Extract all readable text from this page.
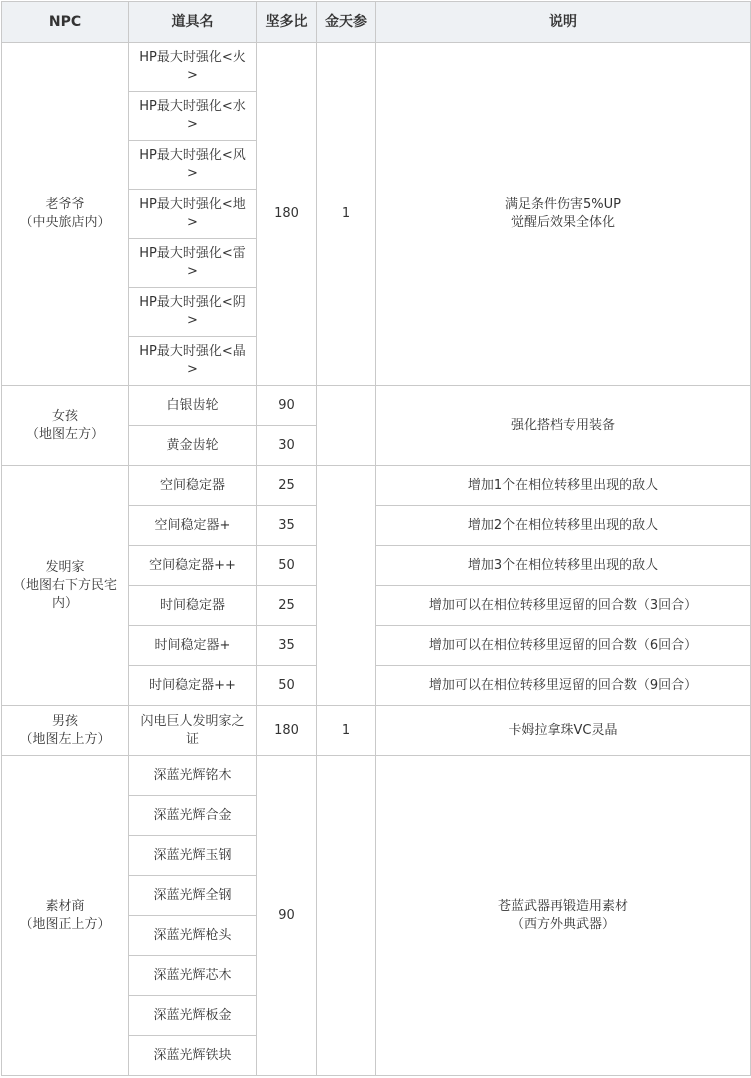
NPC	道具名	坚多比	金天参	说明
老爷爷
（中央旅店内）	HP最大时强化<火>	180	1	满足条件伤害5%UP
觉醒后效果全体化
	HP最大时强化<水>			
	HP最大时强化<风>			
	HP最大时强化<地>			
	HP最大时强化<雷>			
	HP最大时强化<阴>			
	HP最大时强化<晶>			
女孩
（地图左方）	白银齿轮	90		强化搭档专用装备
	黄金齿轮	30		
发明家
（地图右下方民宅内）	空间稳定器	25		增加1个在相位转移里出现的敌人
	空间稳定器+	35		增加2个在相位转移里出现的敌人
	空间稳定器++	50		增加3个在相位转移里出现的敌人
	时间稳定器	25		增加可以在相位转移里逗留的回合数（3回合）
	时间稳定器+	35		增加可以在相位转移里逗留的回合数（6回合）
	时间稳定器++	50		增加可以在相位转移里逗留的回合数（9回合）
男孩
（地图左上方）	闪电巨人发明家之证	180	1	卡姆拉拿珠VC灵晶
素材商
（地图正上方）	深蓝光辉铭木	90		苍蓝武器再锻造用素材
（西方外典武器）
	深蓝光辉合金			
	深蓝光辉玉钢			
	深蓝光辉全钢			
	深蓝光辉枪头			
	深蓝光辉芯木			
	深蓝光辉板金			
	深蓝光辉铁块			
